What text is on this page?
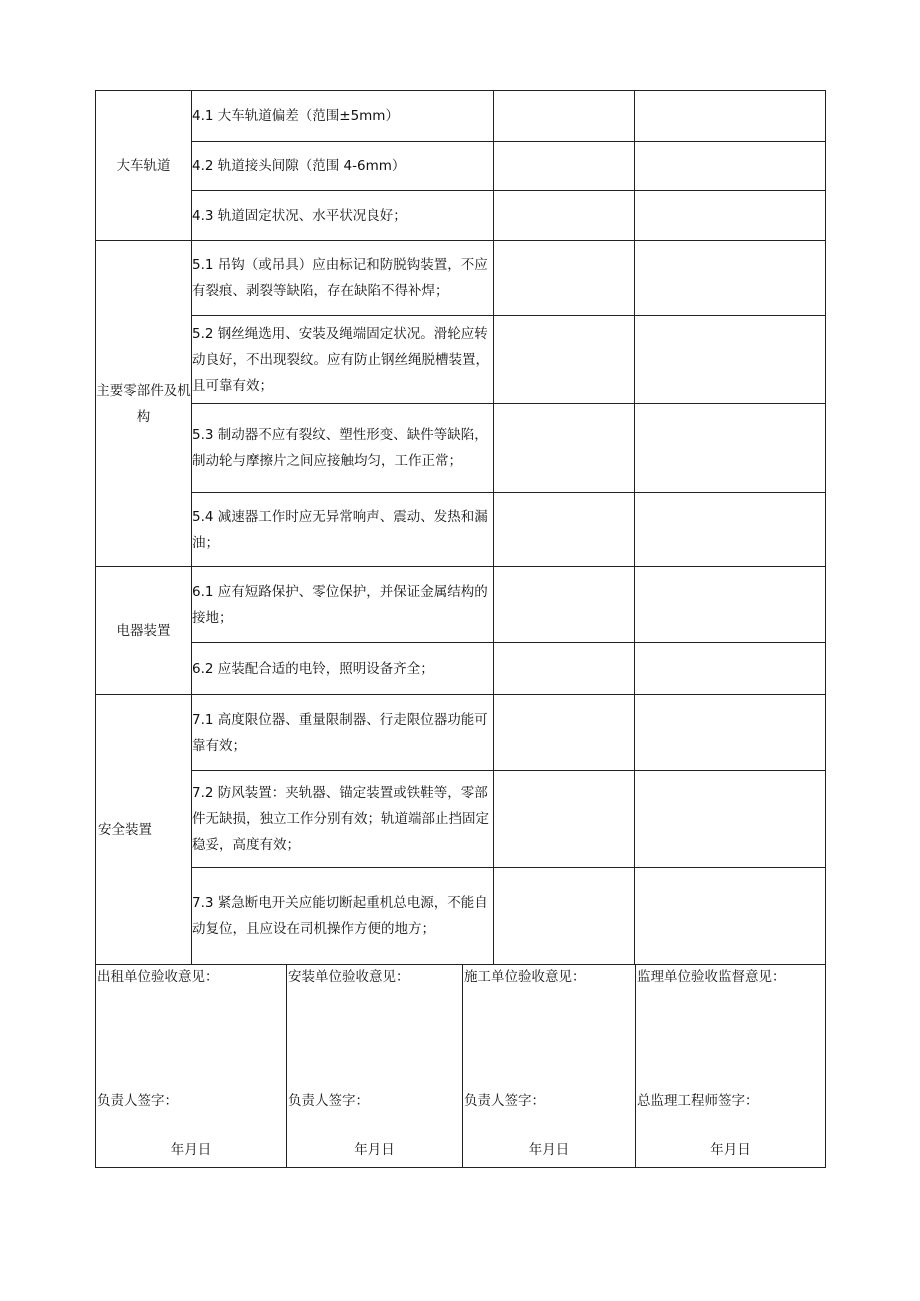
大车轨道	4.1 大车轨道偏差（范围±5mm）		
	4.2 轨道接头间隙（范围 4-6mm）		
	4.3 轨道固定状况、水平状况良好；		
主要零部件及机构	5.1 吊钩（或吊具）应由标记和防脱钩装置，不应有裂痕、剥裂等缺陷，存在缺陷不得补焊；		
	5.2 钢丝绳选用、安装及绳端固定状况。滑轮应转动良好，不出现裂纹。应有防止钢丝绳脱槽装置，且可靠有效；		
	5.3 制动器不应有裂纹、塑性形变、缺件等缺陷，制动轮与摩擦片之间应接触均匀，工作正常；		
	5.4 减速器工作时应无异常响声、震动、发热和漏油；		
电器装置	6.1 应有短路保护、零位保护，并保证金属结构的接地；		
	6.2 应装配合适的电铃，照明设备齐全；		
安全装置	7.1 高度限位器、重量限制器、行走限位器功能可靠有效；		
	7.2 防风装置：夹轨器、锚定装置或铁鞋等，零部件无缺损，独立工作分别有效；轨道端部止挡固定稳妥，高度有效；		
	7.3 紧急断电开关应能切断起重机总电源，不能自动复位，且应设在司机操作方便的地方；		
出租单位验收意见：
负责人签字：
年月日

安装单位验收意见：
负责人签字：
年月日

施工单位验收意见：
负责人签字：
年月日

监理单位验收监督意见：
总监理工程师签字：
年月日
